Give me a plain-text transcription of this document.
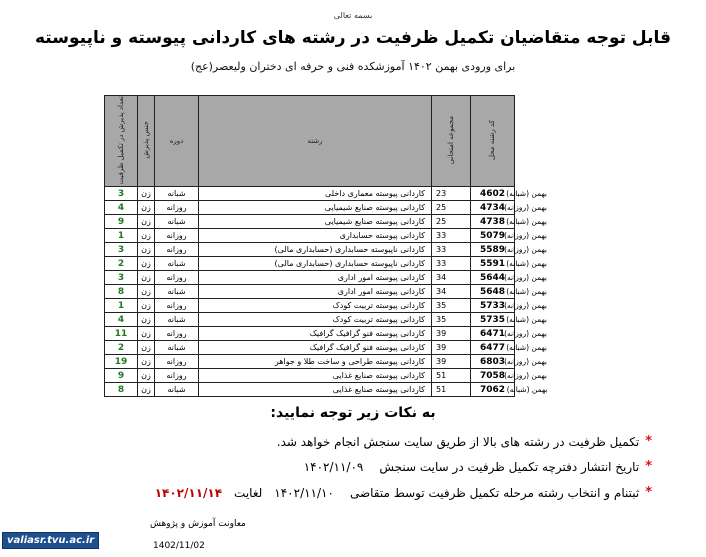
بسمه تعالی
قابل توجه متقاضیان تکمیل ظرفیت در رشته های کاردانی پیوسته و ناپیوسته
برای ورودی بهمن ۱۴۰۲ آموزشکده فنی و حرفه ای دختران ولیعصر(عج)
تعداد پذیرش در تکمیل ظرفیت	جنس پذیرش	دوره	رشته	مجموعه امتحانی	کد رشته محل	
3	زن	شبانه	کاردانی پیوسته معماری داخلی	23	4602	بهمن (شبانه)
4	زن	روزانه	کاردانی پیوسته صنایع شیمیایی	25	4734	بهمن (روزانه)
9	زن	شبانه	کاردانی پیوسته صنایع شیمیایی	25	4738	بهمن (شبانه)
1	زن	روزانه	کاردانی پیوسته حسابداری	33	5079	بهمن (روزانه)
3	زن	روزانه	کاردانی ناپیوسته حسابداری (حسابداری مالی)	33	5589	بهمن (روزانه)
2	زن	شبانه	کاردانی ناپیوسته حسابداری (حسابداری مالی)	33	5591	بهمن (شبانه)
3	زن	روزانه	کاردانی پیوسته امور اداری	34	5644	بهمن (روزانه)
8	زن	شبانه	کاردانی پیوسته امور اداری	34	5648	بهمن (شبانه)
1	زن	روزانه	کاردانی پیوسته تربیت کودک	35	5733	بهمن (روزانه)
4	زن	شبانه	کاردانی پیوسته تربیت کودک	35	5735	بهمن (شبانه)
11	زن	روزانه	کاردانی پیوسته فنو گرافیک گرافیک	39	6471	بهمن (روزانه)
2	زن	شبانه	کاردانی پیوسته فنو گرافیک گرافیک	39	6477	بهمن (شبانه)
19	زن	روزانه	کاردانی پیوسته طراحی و ساخت طلا و جواهر	39	6803	بهمن (روزانه)
9	زن	روزانه	کاردانی پیوسته صنایع غذایی	51	7058	بهمن (روزانه)
8	زن	شبانه	کاردانی پیوسته صنایع غذایی	51	7062	بهمن (شبانه)
به نکات زیر توجه نمایید:
*
تکمیل ظرفیت در رشته های بالا از طریق سایت سنجش انجام خواهد شد.
*
تاریخ انتشار دفترچه تکمیل ظرفیت در سایت سنجش
۱۴۰۲/۱۱/۰۹
*
ثبتنام و انتخاب رشته مرحله تکمیل ظرفیت توسط متقاضی
۱۴۰۲/۱۱/۱۰
لغایت
۱۴۰۲/۱۱/۱۴
معاونت آموزش و پژوهش
1402/11/02
valiasr.tvu.ac.ir
